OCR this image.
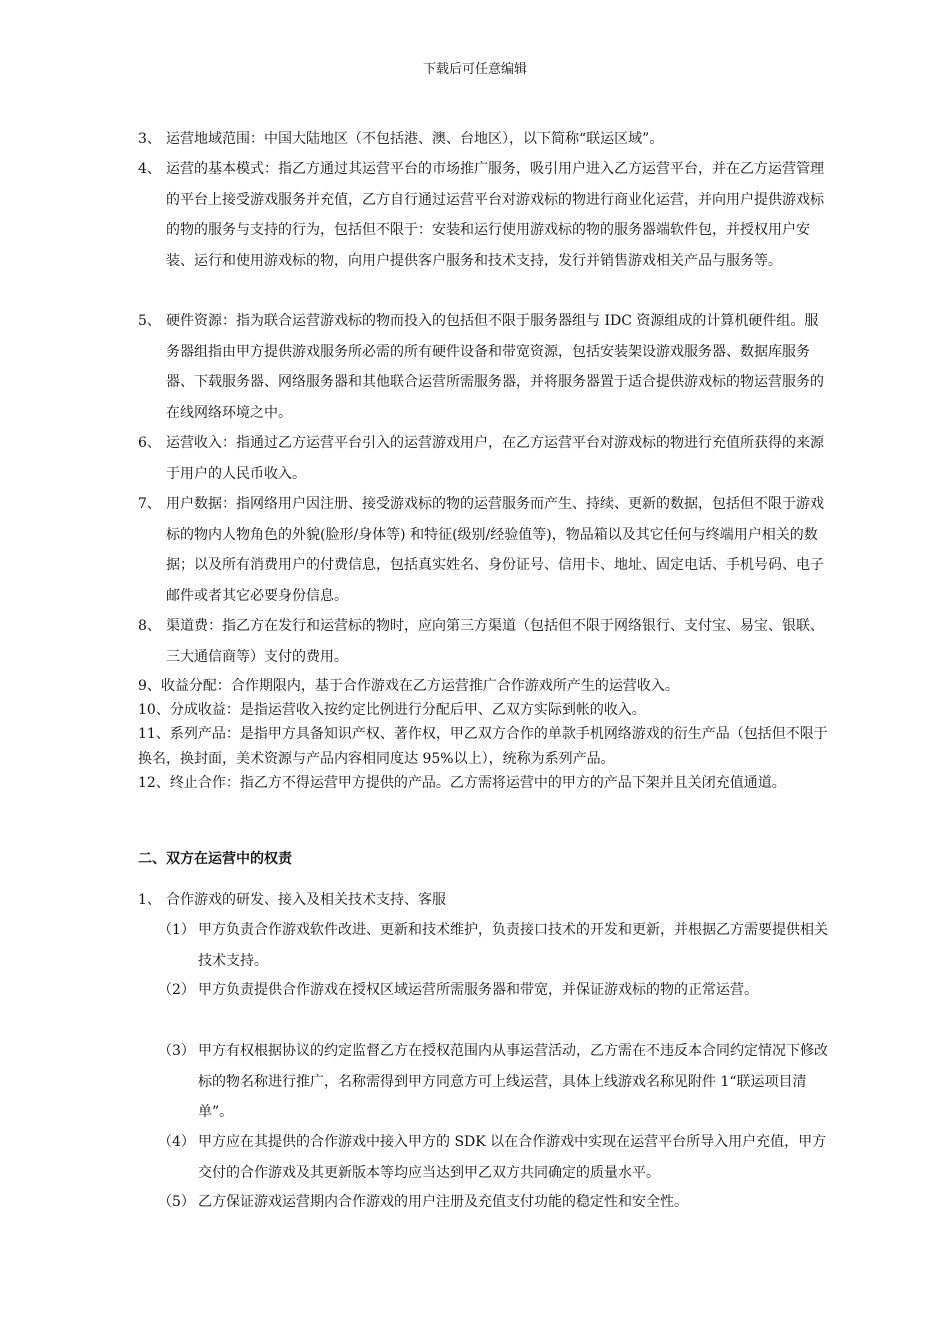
下载后可任意编辑
3、 运营地域范围：中国大陆地区（不包括港、澳、台地区），以下简称“联运区域”。
4、 运营的基本模式：指乙方通过其运营平台的市场推广服务，吸引用户进入乙方运营平台，并在乙方运营管理的平台上接受游戏服务并充值，乙方自行通过运营平台对游戏标的物进行商业化运营，并向用户提供游戏标的物的服务与支持的行为，包括但不限于：安装和运行使用游戏标的物的服务器端软件包，并授权用户安装、运行和使用游戏标的物，向用户提供客户服务和技术支持，发行并销售游戏相关产品与服务等。
5、 硬件资源：指为联合运营游戏标的物而投入的包括但不限于服务器组与 IDC 资源组成的计算机硬件组。服务器组指由甲方提供游戏服务所必需的所有硬件设备和带宽资源，包括安装架设游戏服务器、数据库服务器、下载服务器、网络服务器和其他联合运营所需服务器，并将服务器置于适合提供游戏标的物运营服务的在线网络环境之中。
6、 运营收入：指通过乙方运营平台引入的运营游戏用户，在乙方运营平台对游戏标的物进行充值所获得的来源于用户的人民币收入。
7、 用户数据：指网络用户因注册、接受游戏标的物的运营服务而产生、持续、更新的数据，包括但不限于游戏标的物内人物角色的外貌(脸形/身体等) 和特征(级别/经验值等)，物品箱以及其它任何与终端用户相关的数据；以及所有消费用户的付费信息，包括真实姓名、身份证号、信用卡、地址、固定电话、手机号码、电子邮件或者其它必要身份信息。
8、 渠道费：指乙方在发行和运营标的物时，应向第三方渠道（包括但不限于网络银行、支付宝、易宝、银联、三大通信商等）支付的费用。
9、收益分配：合作期限内，基于合作游戏在乙方运营推广合作游戏所产生的运营收入。
10、分成收益：是指运营收入按约定比例进行分配后甲、乙双方实际到帐的收入。
11、系列产品：是指甲方具备知识产权、著作权，甲乙双方合作的单款手机网络游戏的衍生产品（包括但不限于换名，换封面，美术资源与产品内容相同度达 95%以上），统称为系列产品。
12、终止合作：指乙方不得运营甲方提供的产品。乙方需将运营中的甲方的产品下架并且关闭充值通道。
二、双方在运营中的权责
1、 合作游戏的研发、接入及相关技术支持、客服
（1） 甲方负责合作游戏软件改进、更新和技术维护，负责接口技术的开发和更新，并根据乙方需要提供相关技术支持。
（2） 甲方负责提供合作游戏在授权区域运营所需服务器和带宽，并保证游戏标的物的正常运营。
（3） 甲方有权根据协议的约定监督乙方在授权范围内从事运营活动，乙方需在不违反本合同约定情况下修改标的物名称进行推广，名称需得到甲方同意方可上线运营，具体上线游戏名称见附件 1“联运项目清单”。
（4） 甲方应在其提供的合作游戏中接入甲方的 SDK 以在合作游戏中实现在运营平台所导入用户充值，甲方交付的合作游戏及其更新版本等均应当达到甲乙双方共同确定的质量水平。
（5） 乙方保证游戏运营期内合作游戏的用户注册及充值支付功能的稳定性和安全性。
